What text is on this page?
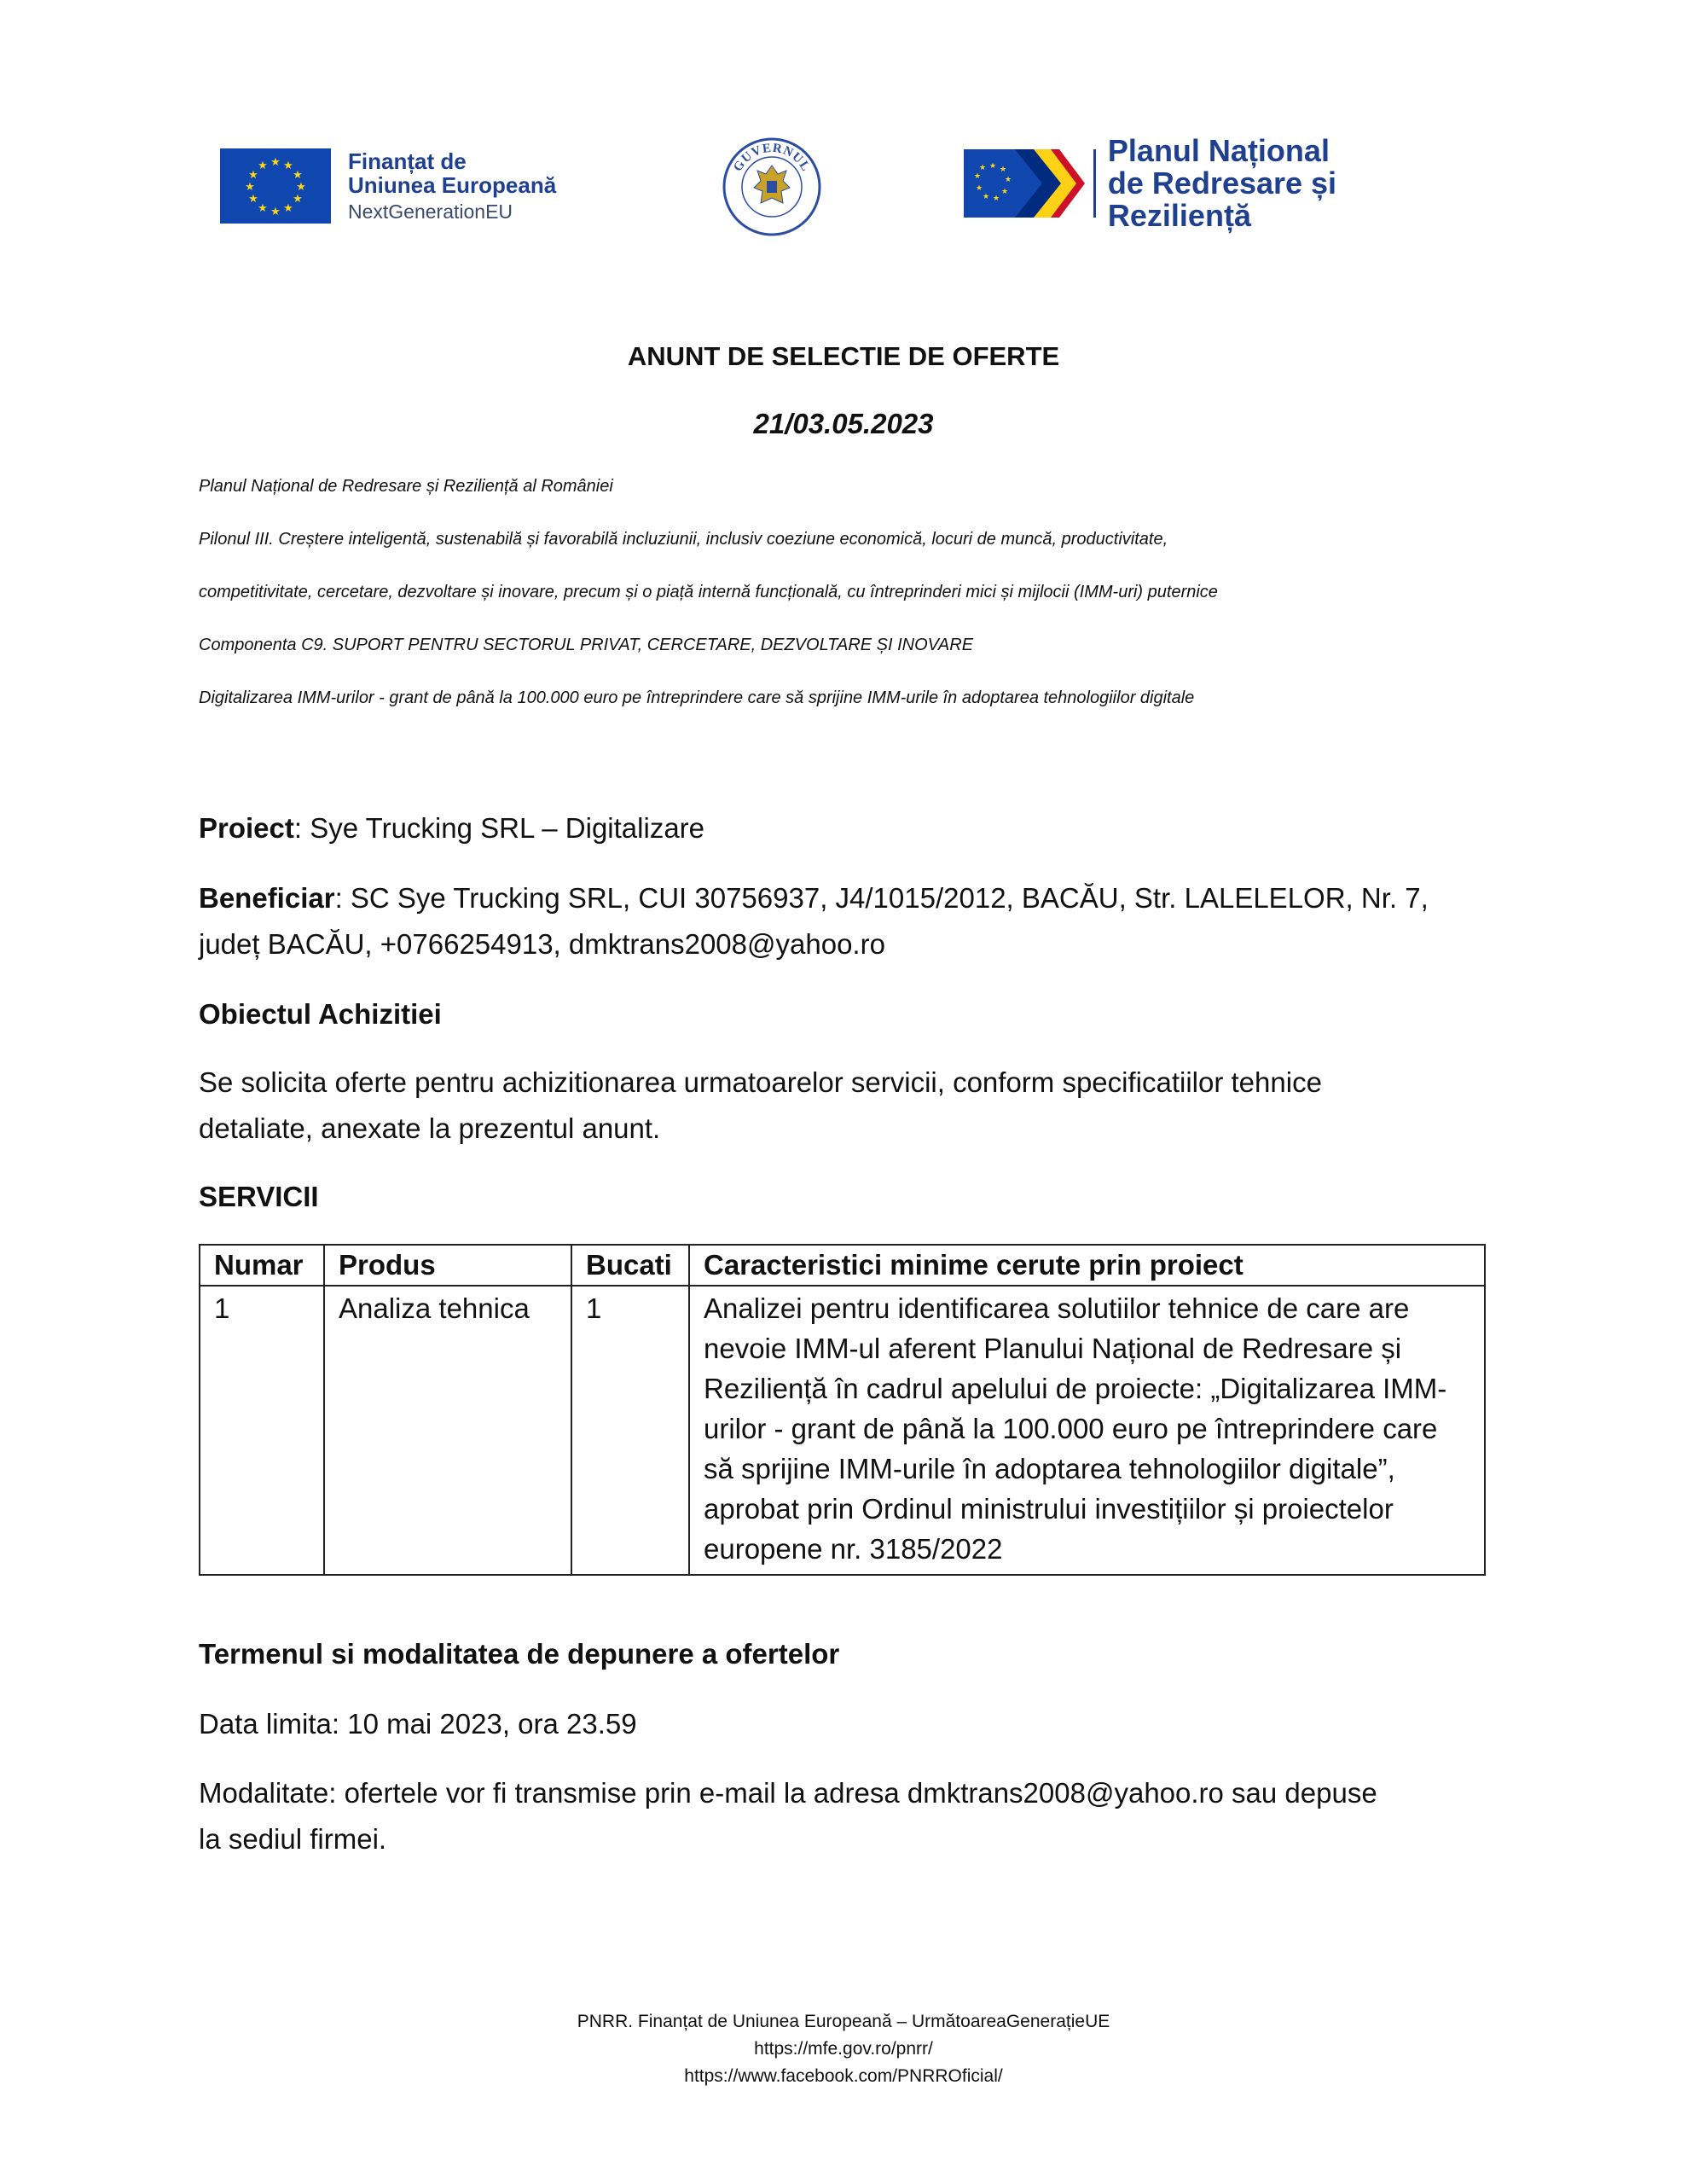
★ ★
★
★
★
★
★
★
★
★
★
★	Finanțat de
Uniunea Europeană
NextGenerationEU
GUVERNUL	★ ★
★
★
★
★
★
★
★	Planul Național
de Redresare și Reziliență
ANUNT DE SELECTIE DE OFERTE
21/03.05.2023
Planul Național de Redresare și Reziliență al României
Pilonul III. Creștere inteligentă, sustenabilă și favorabilă incluziunii, inclusiv coeziune economică, locuri de muncă, productivitate,
competitivitate, cercetare, dezvoltare și inovare, precum și o piață internă funcțională, cu întreprinderi mici și mijlocii (IMM-uri) puternice
Componenta C9. SUPORT PENTRU SECTORUL PRIVAT, CERCETARE, DEZVOLTARE ȘI INOVARE
Digitalizarea IMM-urilor - grant de până la 100.000 euro pe întreprindere care să sprijine IMM-urile în adoptarea tehnologiilor digitale
Proiect: Sye Trucking SRL – Digitalizare
Beneficiar: SC Sye Trucking SRL, CUI 30756937, J4/1015/2012, BACĂU, Str. LALELELOR, Nr. 7,
județ BACĂU, +0766254913, dmktrans2008@yahoo.ro
Obiectul Achizitiei
Se solicita oferte pentru achizitionarea urmatoarelor servicii, conform specificatiilor tehnice
detaliate, anexate la prezentul anunt.
SERVICII
Numar	Produs	Bucati	Caracteristici minime cerute prin proiect
1	Analiza tehnica	1	Analizei pentru identificarea solutiilor tehnice de care are nevoie IMM-ul aferent Planului Național de Redresare și Reziliență în cadrul apelului de proiecte: „Digitalizarea IMM-urilor - grant de până la 100.000 euro pe întreprindere care să sprijine IMM-urile în adoptarea tehnologiilor digitale”, aprobat prin Ordinul ministrului investițiilor și proiectelor europene nr. 3185/2022
Termenul si modalitatea de depunere a ofertelor
Data limita: 10 mai 2023, ora 23.59
Modalitate: ofertele vor fi transmise prin e-mail la adresa dmktrans2008@yahoo.ro sau depuse
la sediul firmei.
PNRR. Finanțat de Uniunea Europeană – UrmătoareaGenerațieUE
https://mfe.gov.ro/pnrr/
https://www.facebook.com/PNRROficial/
